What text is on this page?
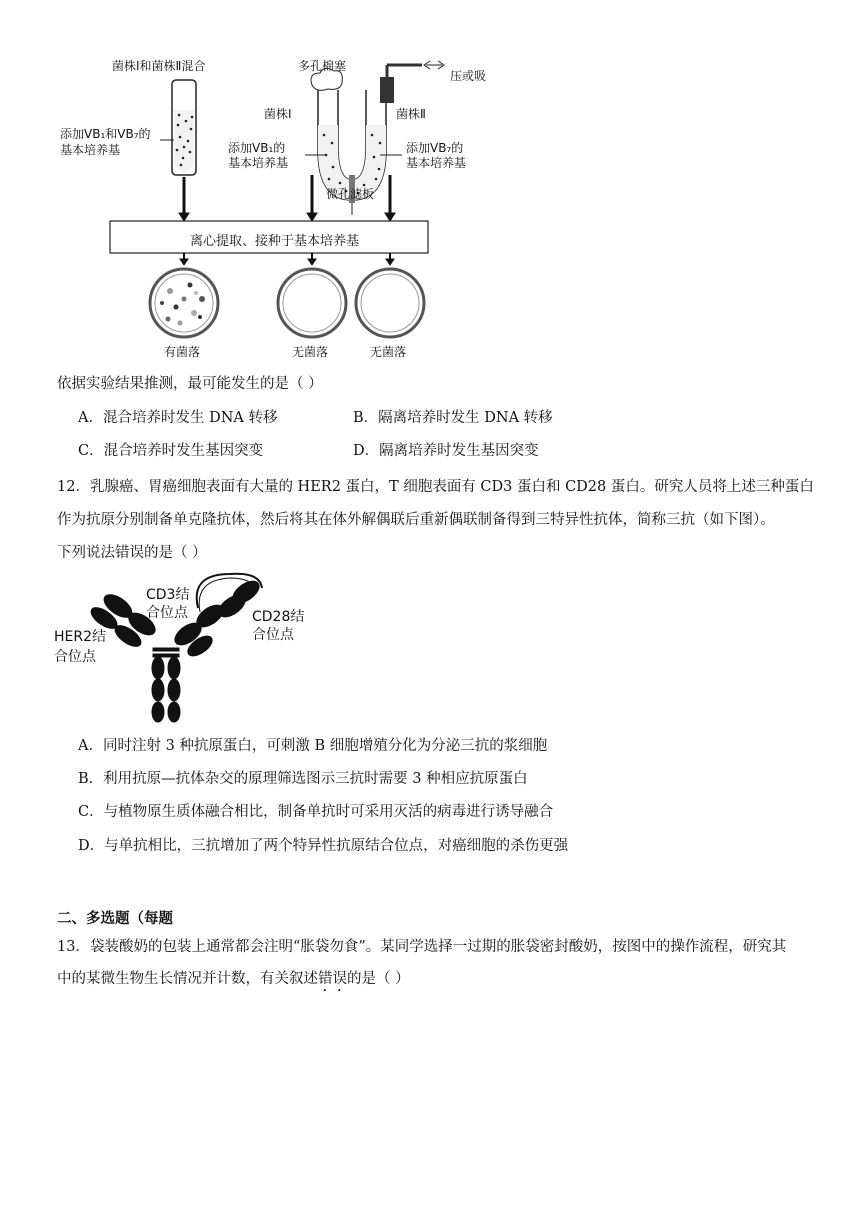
菌株Ⅰ和菌株Ⅱ混合	多孔棉塞
压或吸
菌株Ⅰ	菌株Ⅱ
添加VB₁和VB₇的
基本培养基	添加VB₁的
基本培养基
添加VB₇的
基本培养基
微孔滤板
离心提取、接种于基本培养基
有菌落	无菌落	无菌落
依据实验结果推测，最可能发生的是（ ）
A．混合培养时发生 DNA 转移	B．隔离培养时发生 DNA 转移
C．混合培养时发生基因突变	D．隔离培养时发生基因突变
12．乳腺癌、胃癌细胞表面有大量的 HER2 蛋白，T 细胞表面有 CD3 蛋白和 CD28 蛋白。研究人员将上述三种蛋白
作为抗原分别制备单克隆抗体，然后将其在体外解偶联后重新偶联制备得到三特异性抗体，简称三抗（如下图）。
下列说法错误的是（ ）
CD3结
合位点	CD28结
合位点
HER2结
合位点
A．同时注射 3 种抗原蛋白，可刺激 B 细胞增殖分化为分泌三抗的浆细胞
B．利用抗原—抗体杂交的原理筛选图示三抗时需要 3 种相应抗原蛋白
C．与植物原生质体融合相比，制备单抗时可采用灭活的病毒进行诱导融合
D．与单抗相比，三抗增加了两个特异性抗原结合位点，对癌细胞的杀伤更强
二、多选题（每题
13．袋装酸奶的包装上通常都会注明“胀袋勿食”。某同学选择一过期的胀袋密封酸奶，按图中的操作流程，研究其
中的某微生物生长情况并计数，有关叙述错误的是（ ）
